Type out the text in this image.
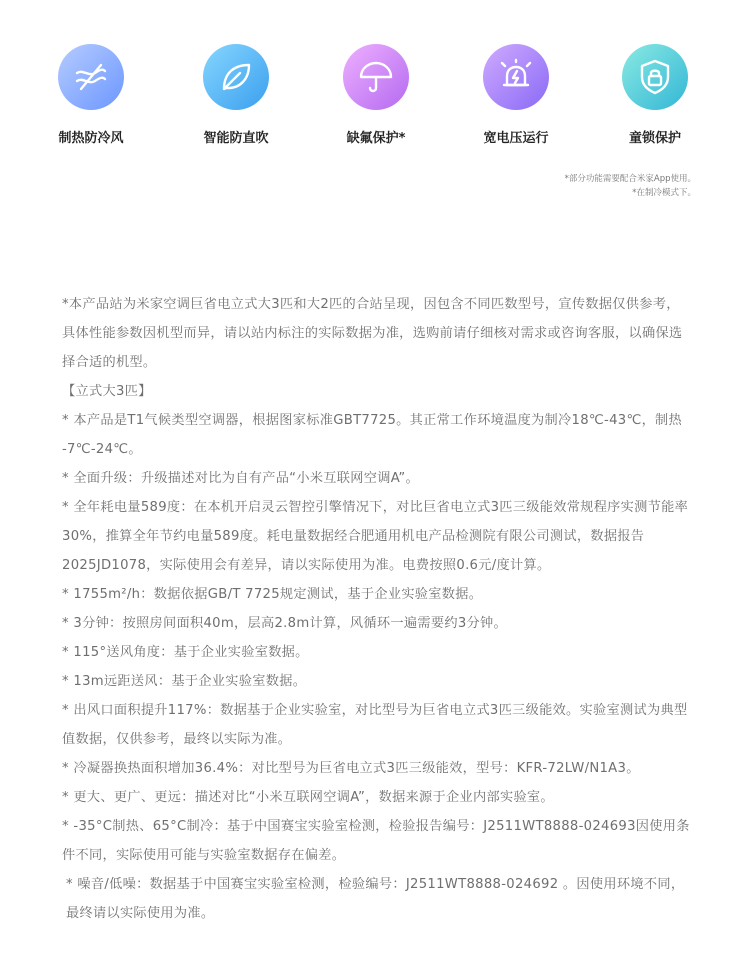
制热防冷风	智能防直吹	缺氟保护*	宽电压运行	童锁保护
*部分功能需要配合米家App使用。
*在制冷模式下。

*本产品站为米家空调巨省电立式大3匹和大2匹的合站呈现，因包含不同匹数型号，宣传数据仅供参考，具体性能参数因机型而异，请以站内标注的实际数据为准，选购前请仔细核对需求或咨询客服，以确保选择合适的机型。

【立式大3匹】

* 本产品是T1气候类型空调器，根据图家标准GBT7725。其正常工作环境温度为制冷18℃-43℃，制热 -7℃-24℃。

* 全面升级：升级描述对比为自有产品“小米互联网空调A”。

* 全年耗电量589度：在本机开启灵云智控引擎情况下，对比巨省电立式3匹三级能效常规程序实测节能率30%，推算全年节约电量589度。耗电量数据经合肥通用机电产品检测院有限公司测试，数据报告2025JD1078，实际使用会有差异，请以实际使用为准。电费按照0.6元/度计算。

* 1755m²/h：数据依据GB/T 7725规定测试，基于企业实验室数据。

* 3分钟：按照房间面积40m，层高2.8m计算，风循环一遍需要约3分钟。

* 115°送风角度：基于企业实验室数据。

* 13m远距送风：基于企业实验室数据。

* 出风口面积提升117%：数据基于企业实验室，对比型号为巨省电立式3匹三级能效。实验室测试为典型值数据，仅供参考，最终以实际为准。

* 冷凝器换热面积增加36.4%：对比型号为巨省电立式3匹三级能效，型号：KFR-72LW/N1A3。

* 更大、更广、更远：描述对比“小米互联网空调A”，数据来源于企业内部实验室。

* -35°C制热、65°C制冷：基于中国赛宝实验室检测，检验报告编号：J2511WT8888-024693因使用条件不同，实际使用可能与实验室数据存在偏差。

* 噪音/低噪：数据基于中国赛宝实验室检测，检验编号：J2511WT8888-024692 。因使用环境不同，最终请以实际使用为准。
